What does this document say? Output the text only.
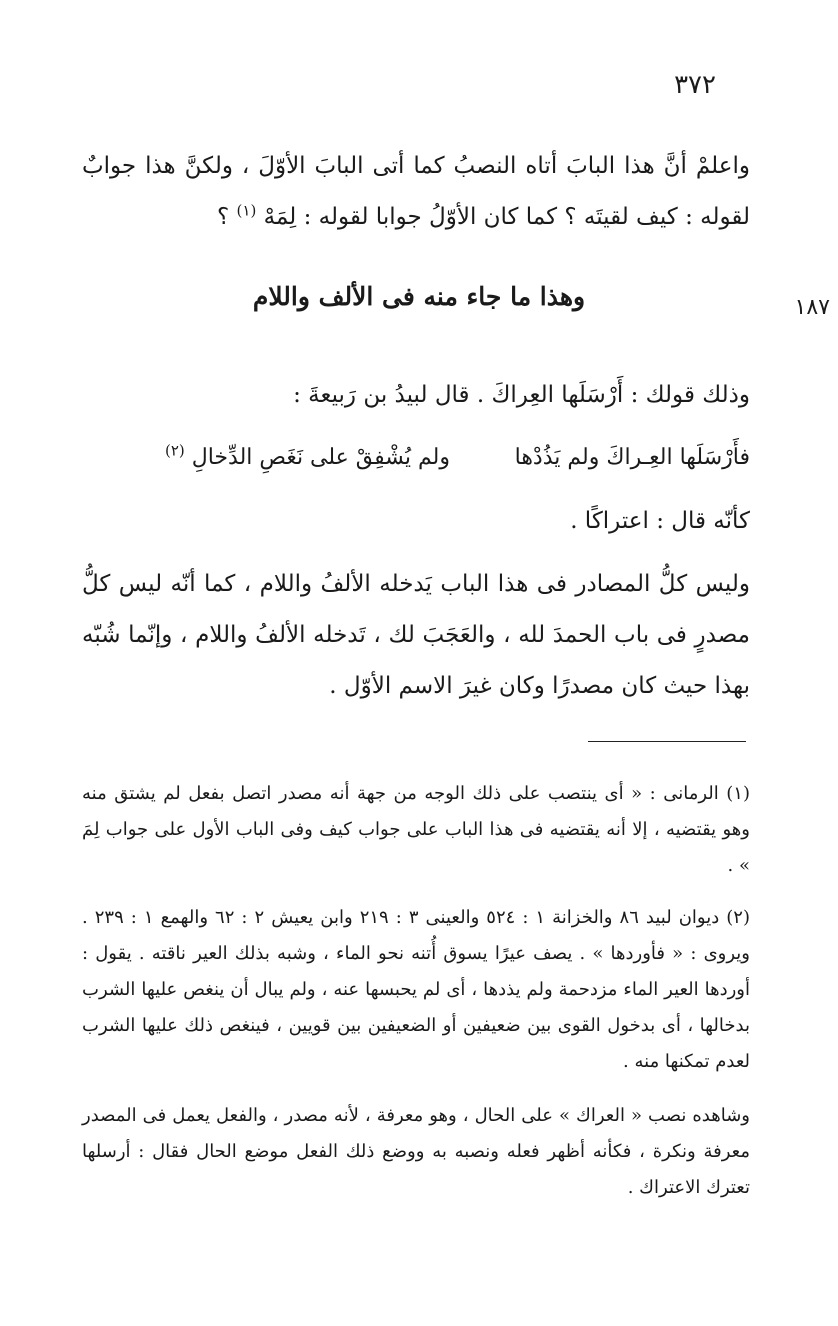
٣٧٢
واعلمْ أنَّ هذا البابَ أتاه النصبُ كما أتى البابَ الأوّلَ ، ولكنَّ هذا جوابٌ لقوله : كيف لقيتَه ؟ كما كان الأوّلُ جوابا لقوله : لِمَهْ $^{(١)}$ ؟
١٨٧
وهذا ما جاء منه فى الألف واللام
وذلك قولك : أَرْسَلَها العِراكَ . قال لبيدُ بن رَبيعةَ :
فأَرْسَلَها العِـراكَ ولم يَذُدْها
ولم يُشْفِقْ على نَغَصِ الدِّخالِ $^{(٢)}$
كأنّه قال : اعتراكًا .
وليس كلُّ المصادر فى هذا الباب يَدخله الألفُ واللام ، كما أنّه ليس كلُّ مصدرٍ فى باب الحمدَ لله ، والعَجَبَ لك ، تَدخله الألفُ واللام ، وإنّما شُبّه بهذا حيث كان مصدرًا وكان غيرَ الاسم الأوّل .
(١) الرمانى : « أى ينتصب على ذلك الوجه من جهة أنه مصدر اتصل بفعل لم يشتق منه وهو يقتضيه ، إلا أنه يقتضيه فى هذا الباب على جواب كيف وفى الباب الأول على جواب لِمَ » .
(٢) ديوان لبيد ٨٦ والخزانة ١ : ٥٢٤ والعينى ٣ : ٢١٩ وابن يعيش ٢ : ٦٢ والهمع ١ : ٢٣٩ . ويروى : « فأوردها » . يصف عيرًا يسوق أُتنه نحو الماء ، وشبه بذلك العير ناقته . يقول : أوردها العير الماء مزدحمة ولم يذدها ، أى لم يحبسها عنه ، ولم يبال أن ينغص عليها الشرب بدخالها ، أى بدخول القوى بين ضعيفين أو الضعيفين بين قويين ، فينغص ذلك عليها الشرب لعدم تمكنها منه .
وشاهده نصب « العراك » على الحال ، وهو معرفة ، لأنه مصدر ، والفعل يعمل فى المصدر معرفة ونكرة ، فكأنه أظهر فعله ونصبه به ووضع ذلك الفعل موضع الحال فقال : أرسلها تعترك الاعتراك .
